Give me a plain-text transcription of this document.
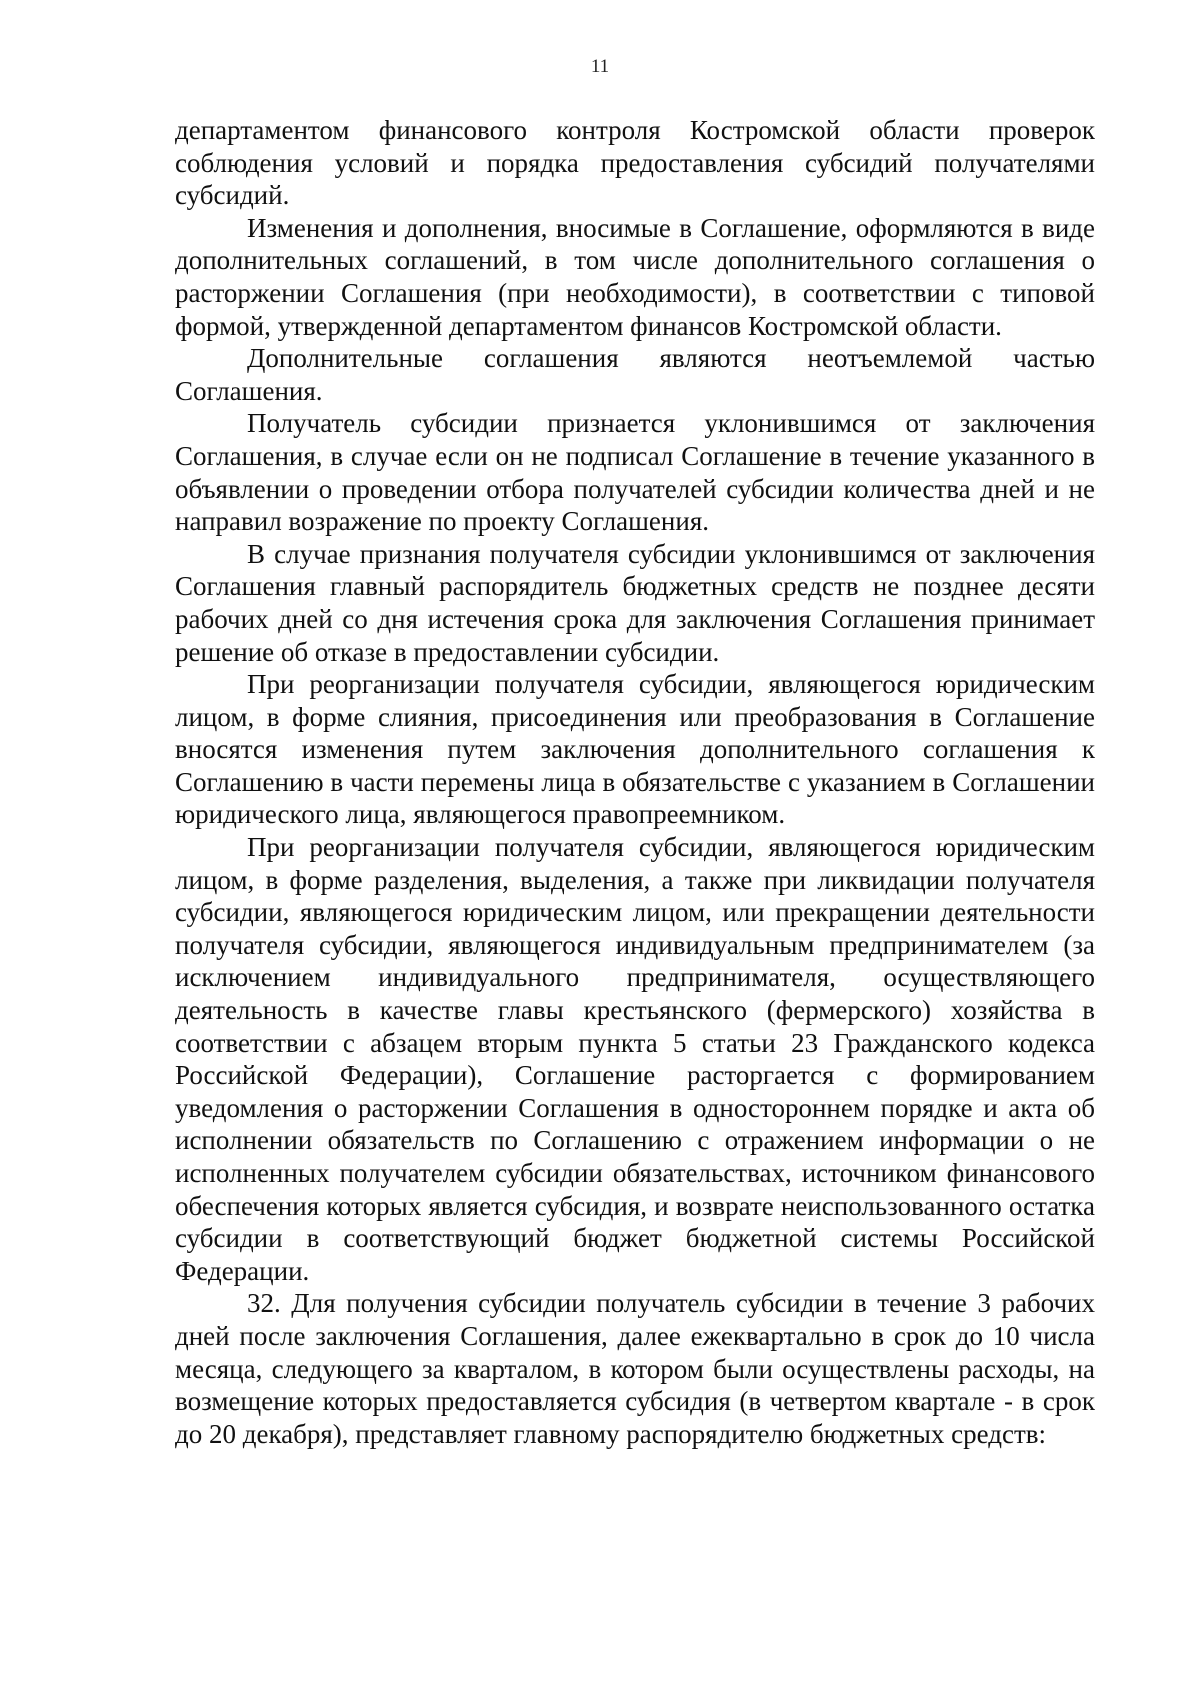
11

департаментом финансового контроля Костромской области проверок соблюдения условий и порядка предоставления субсидий получателями субсидий.

Изменения и дополнения, вносимые в Соглашение, оформляются в виде дополнительных соглашений, в том числе дополнительного соглашения о расторжении Соглашения (при необходимости), в соответствии с типовой формой, утвержденной департаментом финансов Костромской области.

Дополнительные соглашения являются неотъемлемой частью Соглашения.

Получатель субсидии признается уклонившимся от заключения Соглашения, в случае если он не подписал Соглашение в течение указанного в объявлении о проведении отбора получателей субсидии количества дней и не направил возражение по проекту Соглашения.

В случае признания получателя субсидии уклонившимся от заключения Соглашения главный распорядитель бюджетных средств не позднее десяти рабочих дней со дня истечения срока для заключения Соглашения принимает решение об отказе в предоставлении субсидии.

При реорганизации получателя субсидии, являющегося юридическим лицом, в форме слияния, присоединения или преобразования в Соглашение вносятся изменения путем заключения дополнительного соглашения к Соглашению в части перемены лица в обязательстве с указанием в Соглашении юридического лица, являющегося правопреемником.

При реорганизации получателя субсидии, являющегося юридическим лицом, в форме разделения, выделения, а также при ликвидации получателя субсидии, являющегося юридическим лицом, или прекращении деятельности получателя субсидии, являющегося индивидуальным предпринимателем (за исключением индивидуального предпринимателя, осуществляющего деятельность в качестве главы крестьянского (фермерского) хозяйства в соответствии с абзацем вторым пункта 5 статьи 23 Гражданского кодекса Российской Федерации), Соглашение расторгается с формированием уведомления о расторжении Соглашения в одностороннем порядке и акта об исполнении обязательств по Соглашению с отражением информации о не исполненных получателем субсидии обязательствах, источником финансового обеспечения которых является субсидия, и возврате неиспользованного остатка субсидии в соответствующий бюджет бюджетной системы Российской Федерации.

32. Для получения субсидии получатель субсидии в течение 3 рабочих дней после заключения Соглашения, далее ежеквартально в срок до 10 числа месяца, следующего за кварталом, в котором были осуществлены расходы, на возмещение которых предоставляется субсидия (в четвертом квартале - в срок до 20 декабря), представляет главному распорядителю бюджетных средств:
